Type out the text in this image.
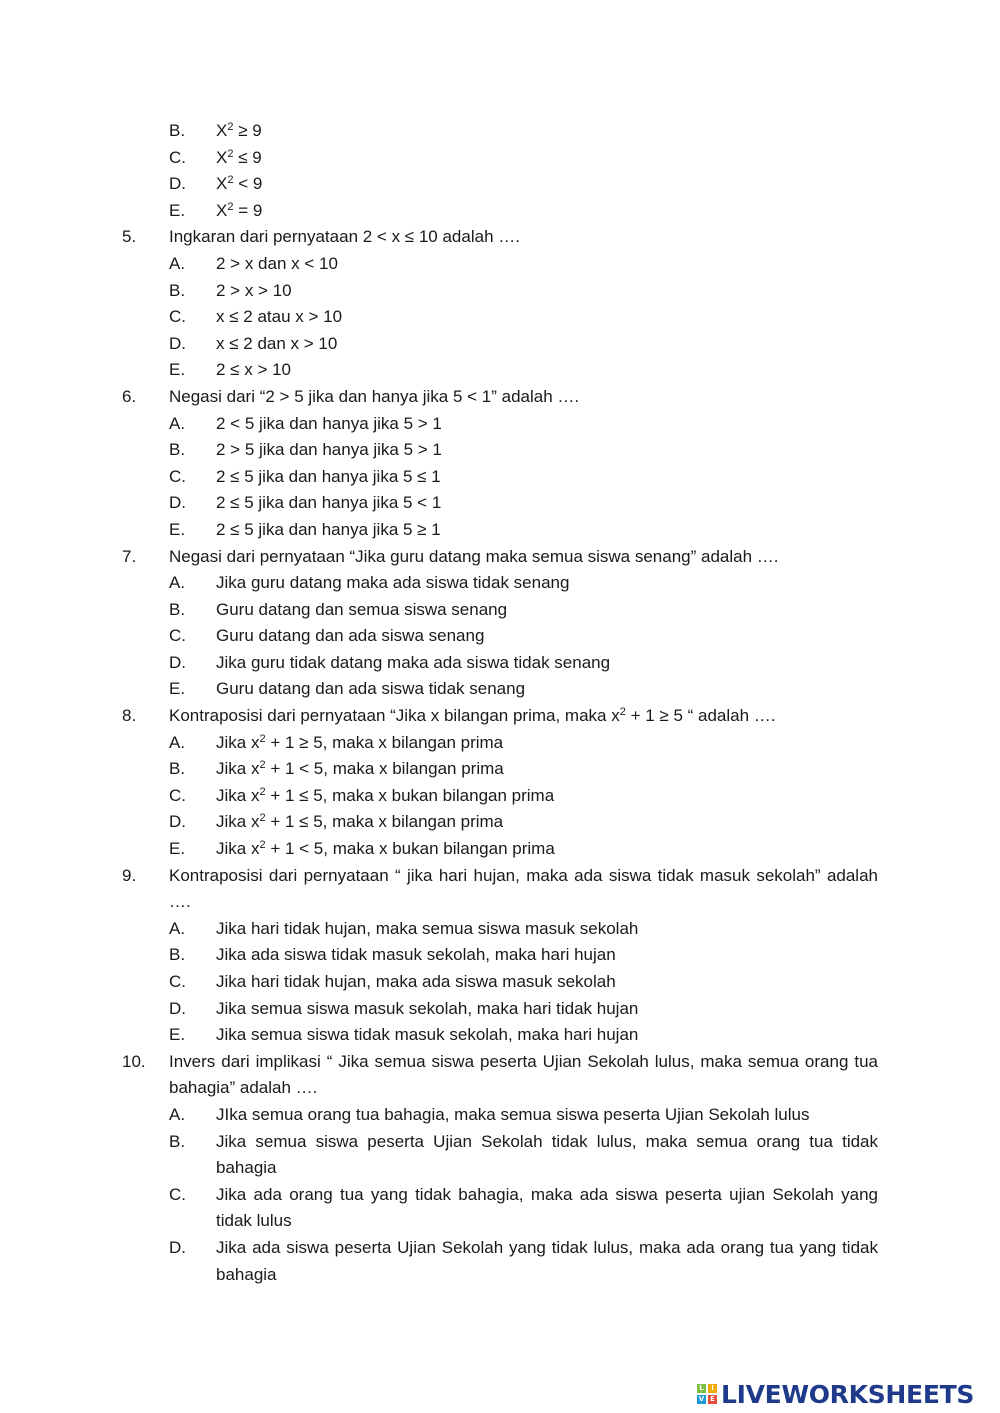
B. $X^2 \ge 9$
C. $X^2 \le 9$
D. $X^2 < 9$
E. $X^2 = 9$
5. Ingkaran dari pernyataan 2 < x ≤ 10 adalah ….
A. 2 > x dan x < 10
B. 2 > x > 10
C. x ≤ 2 atau x > 10
D. x ≤ 2 dan x > 10
E. 2 ≤ x > 10
6. Negasi dari “2 > 5 jika dan hanya jika 5 < 1” adalah ….
A. 2 < 5 jika dan hanya jika 5 > 1
B. 2 > 5 jika dan hanya jika 5 > 1
C. 2 ≤ 5 jika dan hanya jika 5 ≤ 1
D. 2 ≤ 5 jika dan hanya jika 5 < 1
E. 2 ≤ 5 jika dan hanya jika 5 ≥ 1
7. Negasi dari pernyataan “Jika guru datang maka semua siswa senang” adalah ….
A. Jika guru datang maka ada siswa tidak senang
B. Guru datang dan semua siswa senang
C. Guru datang dan ada siswa senang
D. Jika guru tidak datang maka ada siswa tidak senang
E. Guru datang dan ada siswa tidak senang
8. Kontraposisi dari pernyataan “Jika x bilangan prima, maka $x^2 + 1 \ge 5$ “ adalah ….
A. Jika $x^2 + 1 \ge 5$, maka x bilangan prima
B. Jika $x^2 + 1 < 5$, maka x bilangan prima
C. Jika $x^2 + 1 \le 5$, maka x bukan bilangan prima
D. Jika $x^2 + 1 \le 5$, maka x bilangan prima
E. Jika $x^2 + 1 < 5$, maka x bukan bilangan prima
9. Kontraposisi dari pernyataan “ jika hari hujan, maka ada siswa tidak masuk sekolah” adalah ….
A. Jika hari tidak hujan, maka semua siswa masuk sekolah
B. Jika ada siswa tidak masuk sekolah, maka hari hujan
C. Jika hari tidak hujan, maka ada siswa masuk sekolah
D. Jika semua siswa masuk sekolah, maka hari tidak hujan
E. Jika semua siswa tidak masuk sekolah, maka hari hujan
10. Invers dari implikasi “ Jika semua siswa peserta Ujian Sekolah lulus, maka semua orang tua bahagia” adalah ….
A. JIka semua orang tua bahagia, maka semua siswa peserta Ujian Sekolah lulus
B. Jika semua siswa peserta Ujian Sekolah tidak lulus, maka semua orang tua tidak bahagia
C. Jika ada orang tua yang tidak bahagia, maka ada siswa peserta ujian Sekolah yang tidak lulus
D. Jika ada siswa peserta Ujian Sekolah yang tidak lulus, maka ada orang tua yang tidak bahagia
L	I
V E LIVEWORKSHEETS
